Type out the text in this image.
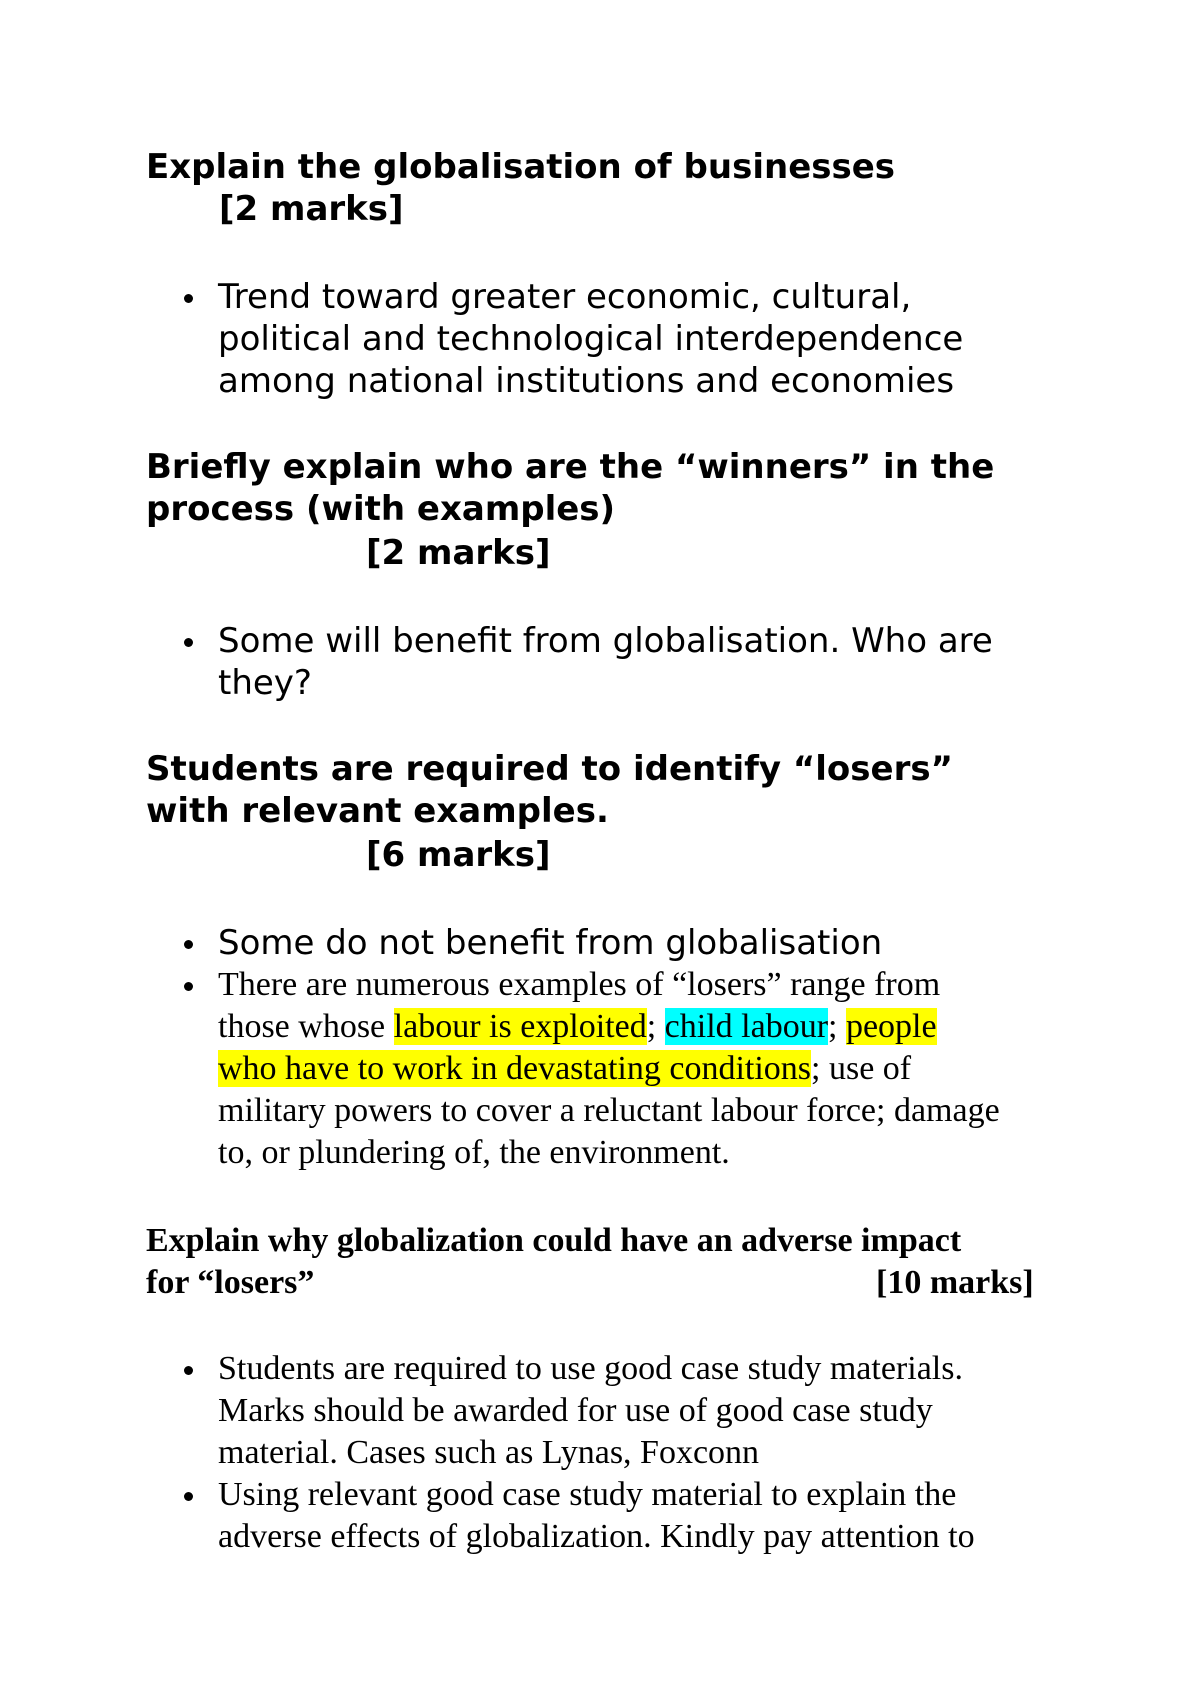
Explain the globalisation of businesses
[2 marks]
Trend toward greater economic, cultural,
political and technological interdependence
among national institutions and economies
Briefly explain who are the “winners” in the
process (with examples)
[2 marks]
Some will benefit from globalisation. Who are
they?
Students are required to identify “losers”
with relevant examples.
[6 marks]
Some do not benefit from globalisation
There are numerous examples of “losers” range from
those whose labour is exploited; child labour; people
who have to work in devastating conditions; use of
military powers to cover a reluctant labour force; damage
to, or plundering of, the environment.
Explain why globalization could have an adverse impact
for “losers”	[10 marks]
Students are required to use good case study materials.
Marks should be awarded for use of good case study
material. Cases such as Lynas, Foxconn
Using relevant good case study material to explain the
adverse effects of globalization. Kindly pay attention to
